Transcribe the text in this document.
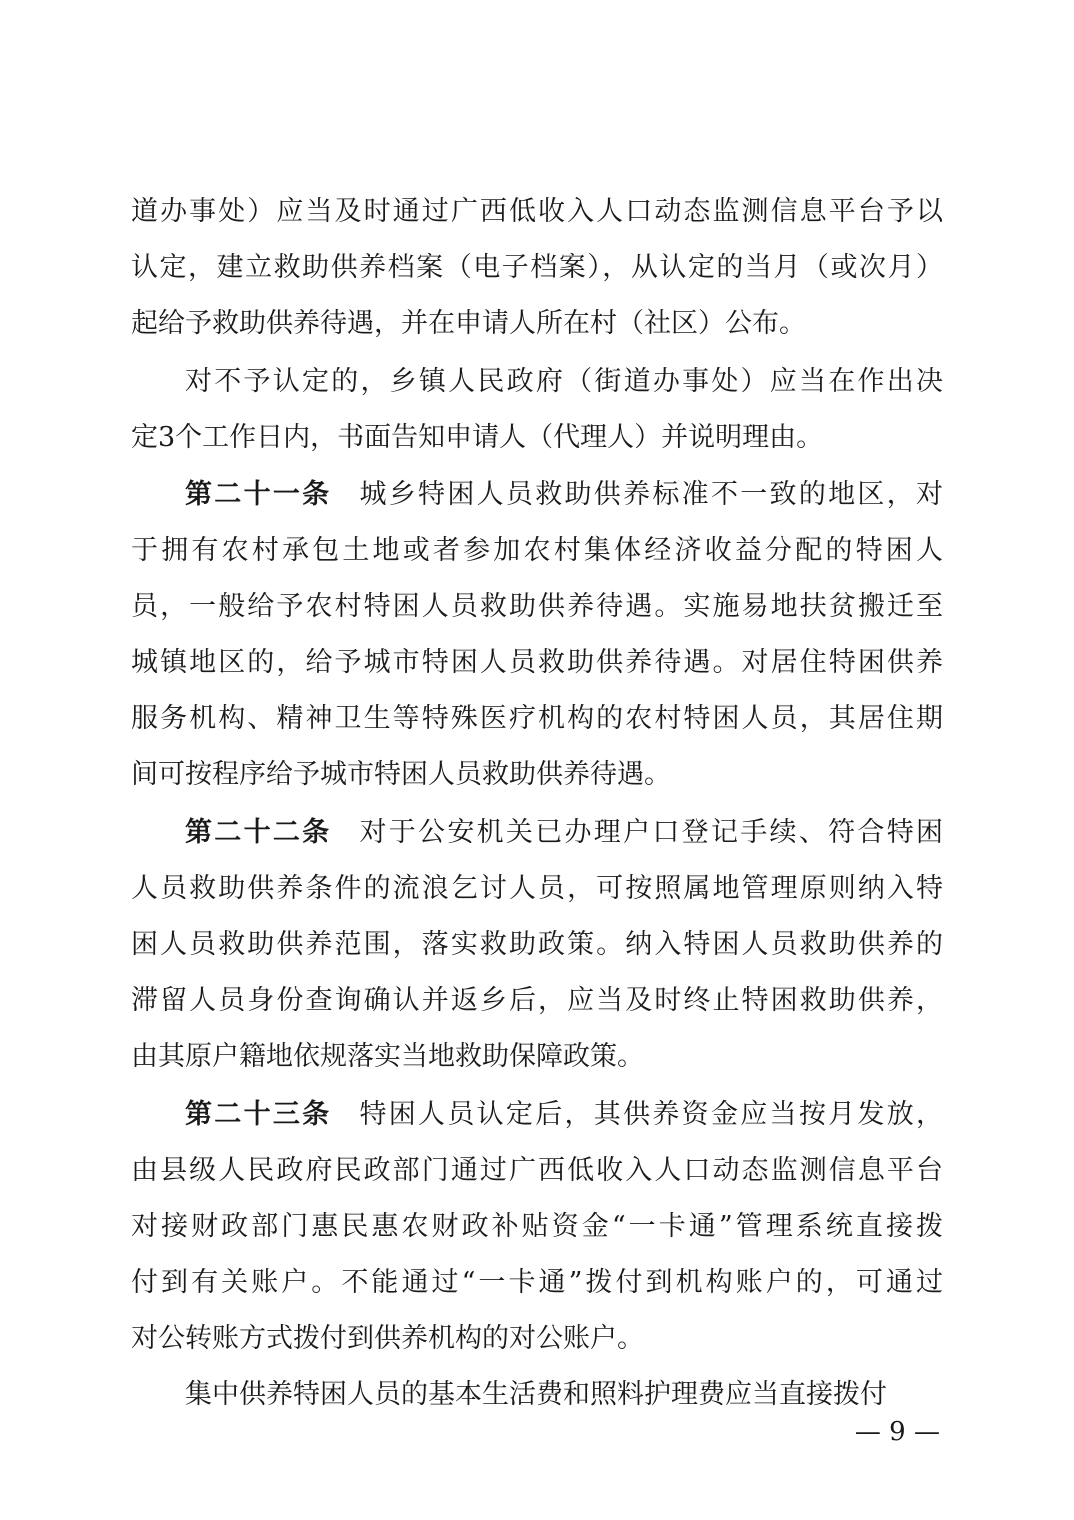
道办事处）应当及时通过广西低收入人口动态监测信息平台予以
认定，建立救助供养档案（电子档案），从认定的当月（或次月）
起给予救助供养待遇，并在申请人所在村（社区）公布。
对不予认定的，乡镇人民政府（街道办事处）应当在作出决
定3个工作日内，书面告知申请人（代理人）并说明理由。
第二十一条 城乡特困人员救助供养标准不一致的地区，对
于拥有农村承包土地或者参加农村集体经济收益分配的特困人
员，一般给予农村特困人员救助供养待遇。实施易地扶贫搬迁至
城镇地区的，给予城市特困人员救助供养待遇。对居住特困供养
服务机构、精神卫生等特殊医疗机构的农村特困人员，其居住期
间可按程序给予城市特困人员救助供养待遇。
第二十二条 对于公安机关已办理户口登记手续、符合特困
人员救助供养条件的流浪乞讨人员，可按照属地管理原则纳入特
困人员救助供养范围，落实救助政策。纳入特困人员救助供养的
滞留人员身份查询确认并返乡后，应当及时终止特困救助供养，
由其原户籍地依规落实当地救助保障政策。
第二十三条 特困人员认定后，其供养资金应当按月发放，
由县级人民政府民政部门通过广西低收入人口动态监测信息平台
对接财政部门惠民惠农财政补贴资金“一卡通”管理系统直接拨
付到有关账户。不能通过“一卡通”拨付到机构账户的，可通过
对公转账方式拨付到供养机构的对公账户。
集中供养特困人员的基本生活费和照料护理费应当直接拨付
— 9 —
